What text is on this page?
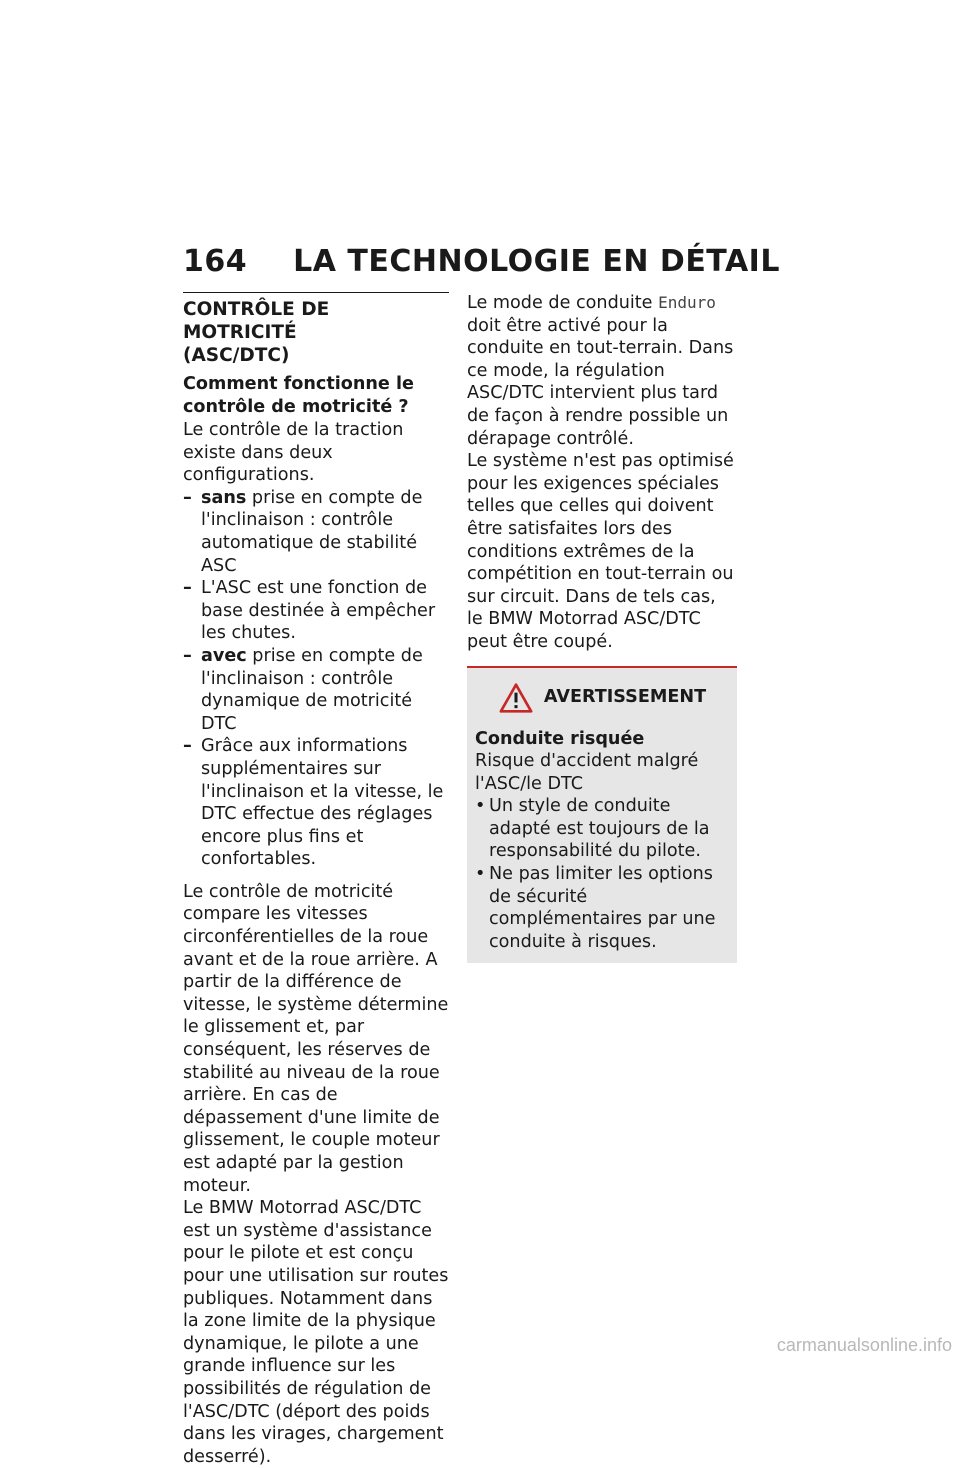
164 LA TECHNOLOGIE EN DÉTAIL
CONTRÔLE DE MOTRICITÉ
(ASC/DTC)
Comment fonctionne le contrôle de motricité ?

Le contrôle de la traction existe dans deux configurations.

– sans prise en compte de l'inclinaison : contrôle automatique de stabilité ASC
– L'ASC est une fonction de base destinée à empêcher les chutes.
– avec prise en compte de l'inclinaison : contrôle dynamique de motricité DTC
– Grâce aux informations supplémentaires sur l'inclinaison et la vitesse, le DTC effectue des réglages encore plus fins et confortables.

Le contrôle de motricité compare les vitesses circonférentielles de la roue avant et de la roue arrière. A partir de la différence de vitesse, le système détermine le glissement et, par conséquent, les réserves de stabilité au niveau de la roue arrière. En cas de dépassement d'une limite de glissement, le couple moteur est adapté par la gestion moteur.

Le BMW Motorrad ASC/DTC est un système d'assistance pour le pilote et est conçu pour une utilisation sur routes publiques. Notamment dans la zone limite de la physique dynamique, le pilote a une grande influence sur les possibilités de régulation de l'ASC/DTC (déport des poids dans les virages, chargement desserré).

Le mode de conduite Enduro doit être activé pour la conduite en tout-terrain. Dans ce mode, la régulation ASC/DTC intervient plus tard de façon à rendre possible un dérapage contrôlé.

Le système n'est pas optimisé pour les exigences spéciales telles que celles qui doivent être satisfaites lors des conditions extrêmes de la compétition en tout-terrain ou sur circuit. Dans de tels cas, le BMW Motorrad ASC/DTC peut être coupé.

AVERTISSEMENT

Conduite risquée

Risque d'accident malgré l'ASC/le DTC

• Un style de conduite adapté est toujours de la responsabilité du pilote.
• Ne pas limiter les options de sécurité complémentaires par une conduite à risques.
carmanualsonline.info
